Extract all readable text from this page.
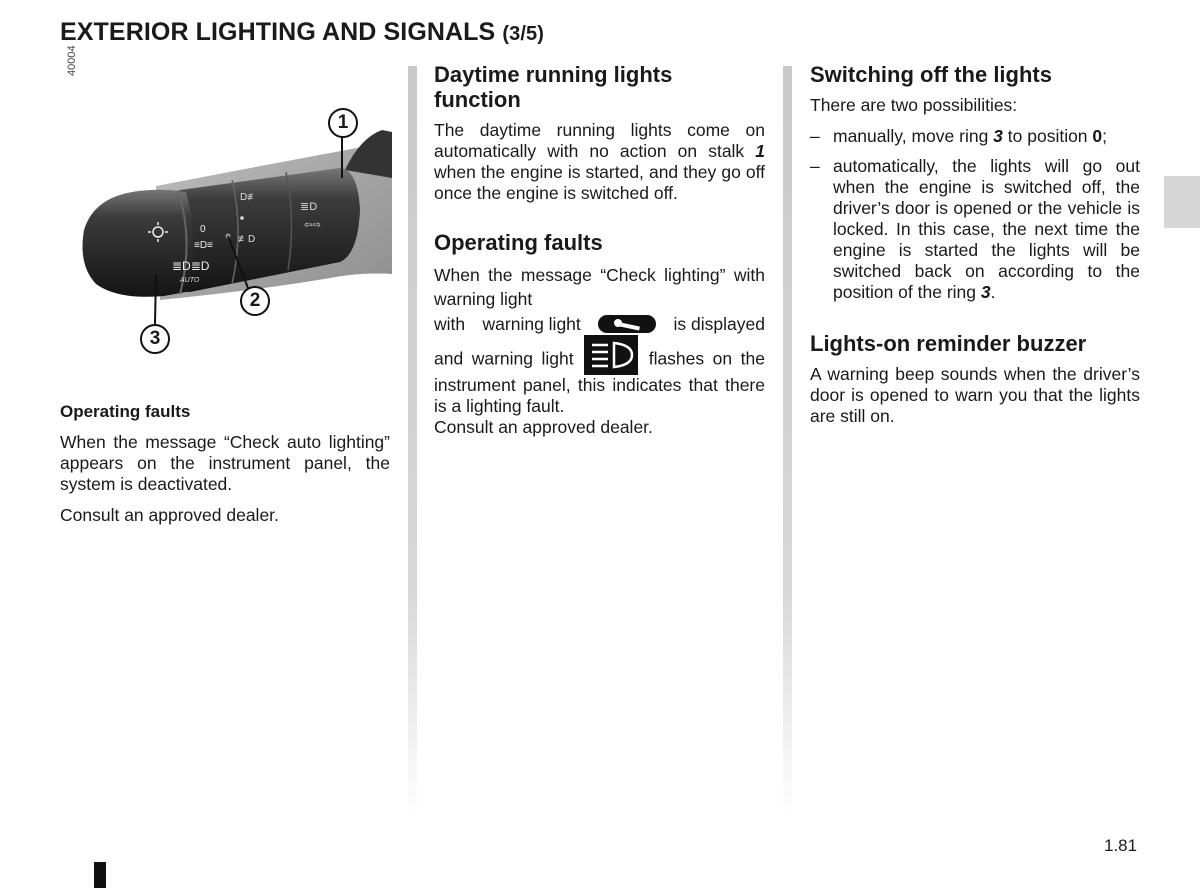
EXTERIOR LIGHTING AND SIGNALS (3/5)
40004
0
≡D≡
≣D≣D
AUTO
D≢
≢D
≣D
⇦⇨
1
2
3
Operating faults

When the message “Check auto lighting” appears on the instrument panel, the system is deactivated.

Consult an approved dealer.

Daytime running lights function

The daytime running lights come on automatically with no action on stalk 1 when the engine is started, and they go off once the engine is switched off.

Operating faults

When the message “Check lighting” with warning light

with warning light	is displayed

and warning light	flashes on the instrument panel, this indicates that there is a lighting fault.
Consult an approved dealer.

Switching off the lights

There are two possibilities:

– manually, move ring 3 to position 0;
– automatically, the lights will go out when the engine is switched off, the driver’s door is opened or the vehicle is locked. In this case, the next time the engine is started the lights will be switched back on according to the position of the ring 3.
Lights-on reminder buzzer

A warning beep sounds when the driver’s door is opened to warn you that the lights are still on.

1.81
